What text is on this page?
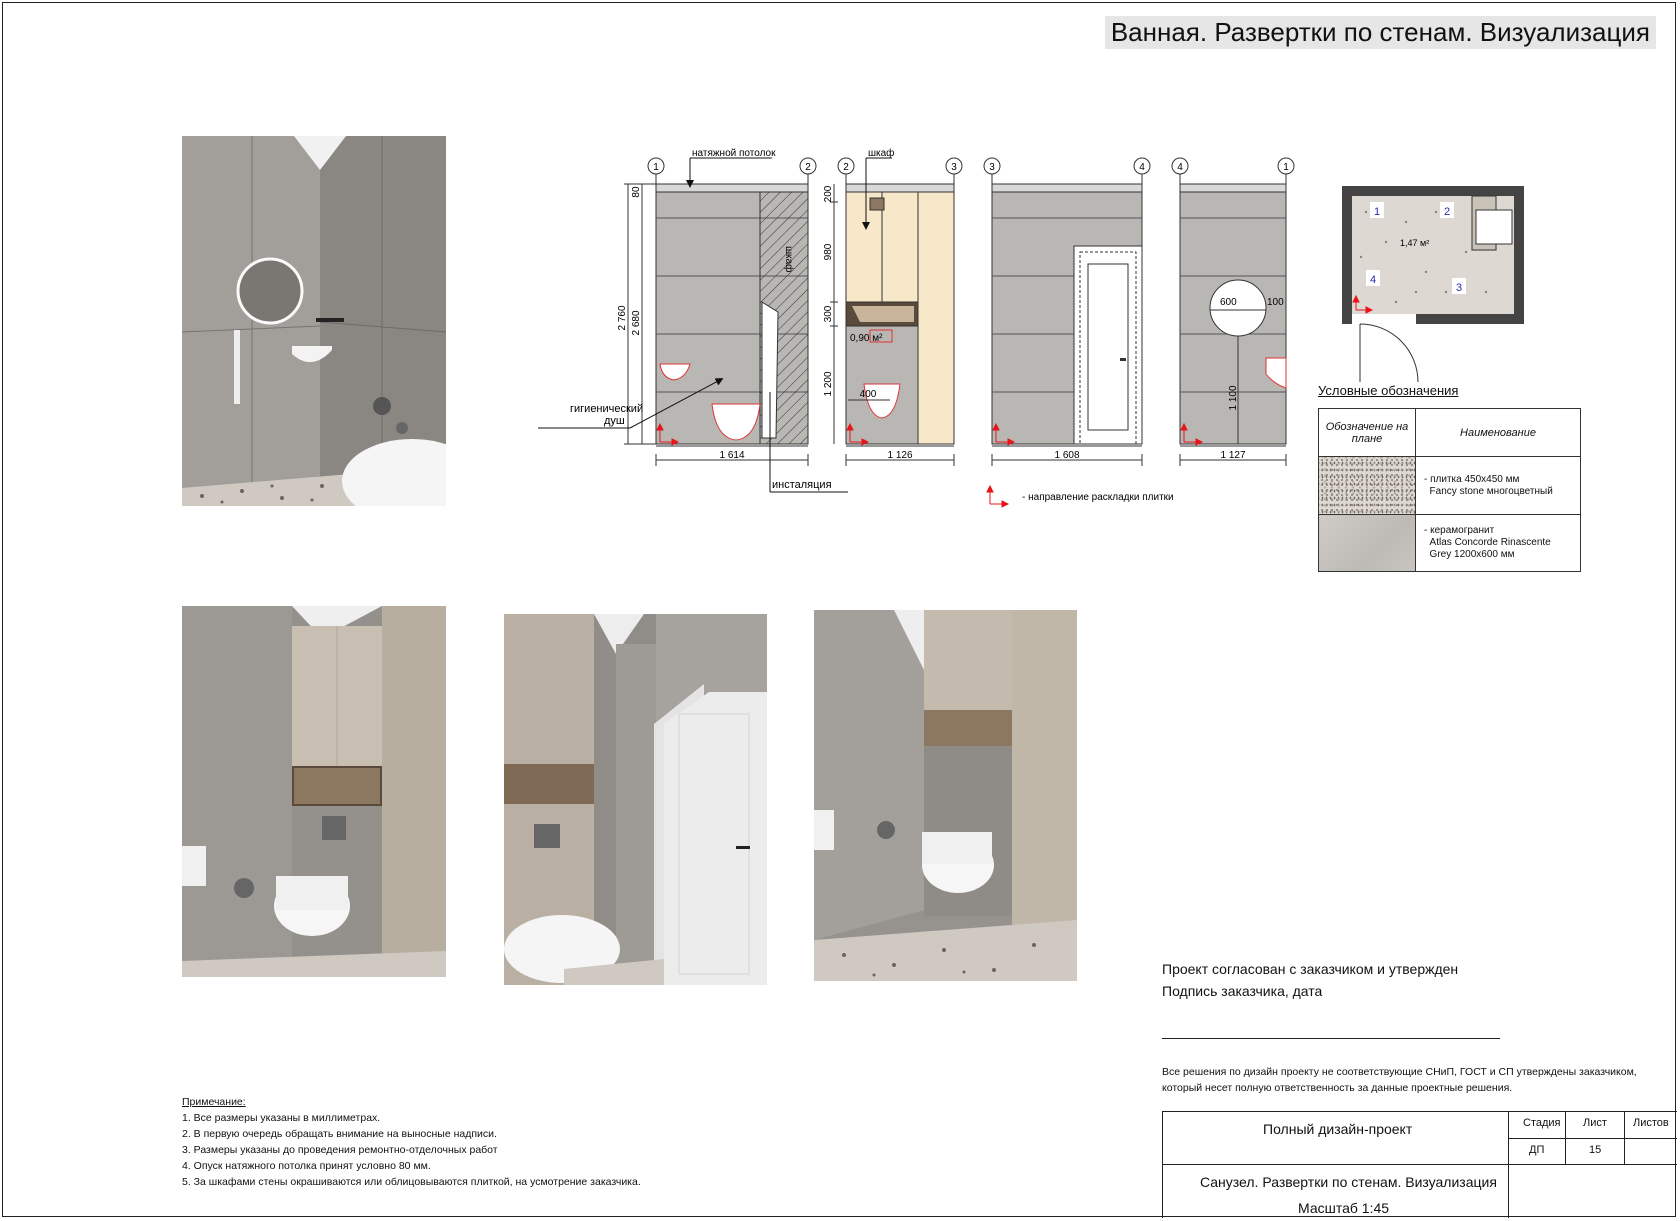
Ванная. Развертки по стенам. Визуализация
1	2	2	3	3	4	4	1
2 760 2 680
80	200
980
300
1 200	400
0,90 м²
600	100
1 100
1 614	1 126	1 608	1 127
натяжной потолок	шкаф
шкаф
гигиенический душ
инсталяция
- направление раскладки плитки
1	2
3
4
1,47 м²
Условные обозначения
Обозначение на плане	Наименование
	- плитка 450х450 мм
Fancy stone многоцветный
	- керамогранит
Atlas Concorde Rinascente
Grey 1200х600 мм
Проект согласован с заказчиком и утвержден
Подпись заказчика, дата
Все решения по дизайн проекту не соответствующие СНиП, ГОСТ и СП утверждены заказчиком,
который несет полную ответственность за данные проектные решения.
Примечание:
1. Все размеры указаны в миллиметрах.
2. В первую очередь обращать внимание на выносные надписи.
3. Размеры указаны до проведения ремонтно-отделочных работ
4. Опуск натяжного потолка принят условно 80 мм.
5. За шкафами стены окрашиваются или облицовываются плиткой, на усмотрение заказчика.
Полный дизайн-проект	Стадия Лист Листов
ДП	15
Санузел. Развертки по стенам. Визуализация
Масштаб 1:45
